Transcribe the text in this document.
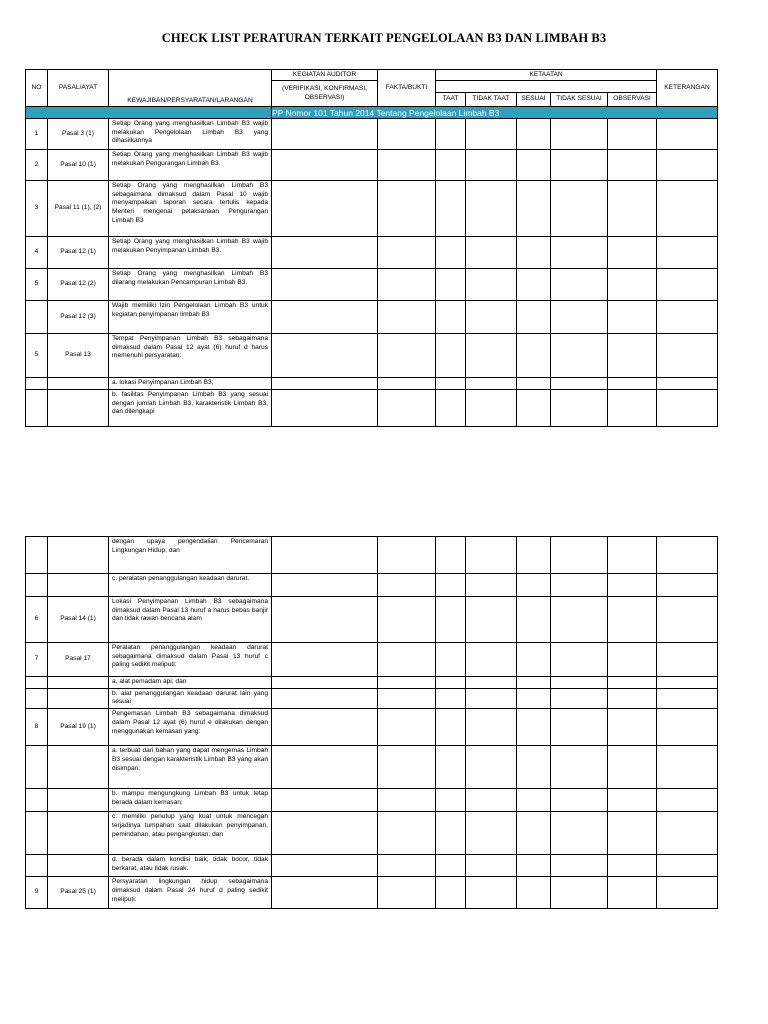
CHECK LIST PERATURAN TERKAIT PENGELOLAAN B3 DAN LIMBAH B3
NO	PASAL/AYAT	KEWAJIBAN/PERSYARATAN/LARANGAN	KEGIATAN AUDITOR	FAKTA/BUKTI	KETAATAN					KETERANGAN
			(VERIFIKASI, KONFIRMASI, OBSERVASI)							
					TAAT	TIDAK TAAT	SESUAI	TIDAK SESUAI	OBSERVASI	
			PP Nomor 101 Tahun 2014 Tentang Pengelolaan Limbah B3							
1	Pasal 3 (1)	Setiap Orang yang menghasilkan Limbah B3 wajib melakukan Pengelolaan Limbah B3 yang dihasilkannya								
2	Pasal 10 (1)	Setiap Orang yang menghasilkan Limbah B3 wajib melakukan Pengurangan Limbah B3.								
3	Pasal 11 (1), (2)	Setiap Orang yang menghasilkan Limbah B3 sebagaimana dimaksud dalam Pasal 10 wajib menyampaikan laporan secara tertulis kepada Menteri mengenai pelaksanaan Pengurangan Limbah B3								
4	Pasal 12 (1)	Setiap Orang yang menghasilkan Limbah B3 wajib melakukan Penyimpanan Limbah B3.								
5	Pasal 12 (2)	Setiap Orang yang menghasilkan Limbah B3 dilarang melakukan Pencampuran Limbah B3.								
	Pasal 12 (3)	Wajib memiliki Izin Pengelolaan Limbah B3 untuk kegiatan penyimpanan limbah B3								
5	Pasal 13	Tempat Penyimpanan Limbah B3 sebagaimana dimaksud dalam Pasal 12 ayat (6) huruf d harus memenuhi persyaratan:								
		a. lokasi Penyimpanan Limbah B3;								
		b. fasilitas Penyimpanan Limbah B3 yang sesuai dengan jumlah Limbah B3, karakteristik Limbah B3, dan dilengkapi								
		dengan upaya pengendalian Pencemaran Lingkungan Hidup; dan								
		c. peralatan penanggulangan keadaan darurat.								
6	Pasal 14 (1)	Lokasi Penyimpanan Limbah B3 sebagaimana dimaksud dalam Pasal 13 huruf a harus bebas banjir dan tidak rawan bencana alam								
7	Pasal 17	Peralatan penanggulangan keadaan darurat sebagaimana dimaksud dalam Pasal 13 huruf c paling sedikit meliputi:								
		a. alat pemadam api; dan								
		b. alat penanggulangan keadaan darurat lain yang sesuai								
8	Pasal 19 (1)	Pengemasan Limbah B3 sebagaimana dimaksud dalam Pasal 12 ayat (6) huruf e dilakukan dengan menggunakan kemasan yang:								
		a. terbuat dari bahan yang dapat mengemas Limbah B3 sesuai dengan karakteristik Limbah B3 yang akan disimpan;								
		b. mampu mengungkung Limbah B3 untuk tetap berada dalam kemasan;								
		c. memiliki penutup yang kuat untuk mencegah terjadinya tumpahan saat dilakukan penyimpanan, pemindahan, atau pengangkutan; dan								
		d. berada dalam kondisi baik, tidak bocor, tidak berkarat, atau tidak rusak.								
9	Pasal 25 (1)	Persyaratan lingkungan hidup sebagaimana dimaksud dalam Pasal 24 huruf d paling sedikit meliputi:								
